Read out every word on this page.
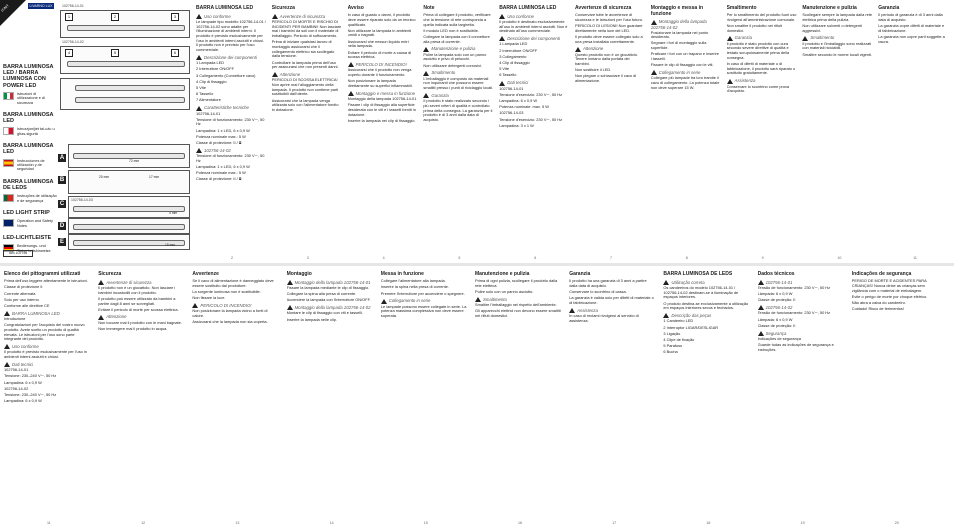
IT/MT	LIVARNO LUX
BARRA LUMINOSA LED / BARRA LUMINOSA CON POWER LED
Istruzioni di utilizzazione e di sicurezza
BARRA LUMINOSA LED
Istruzzjonijiet tal-użu u għas-sigurtà
BARRA LUMINOSA LED
Instrucciones de utilización y de seguridad
BARRA LUMINOSA DE LEDS
Instruções de utilização e de segurança
LED LIGHT STRIP
Operation and Safety Notes
LED-LICHTLEISTE
Bedienungs- und Sicherheitshinweise
IAN 102756
102756-14-01
1	2	3
102756-14-02
4	5	6
A	72 mm
B	20 mm	17 mm
C
102756-14-03
4 mm
D
E	15 mm
BARRA LUMINOSA LED
Uso conforme

Le lampade tipo modello 102756-14-01 / 102756-14-02 sono adatte per l'illuminazione di ambienti interni. Il prodotto è previsto esclusivamente per l'uso in ambienti interni asciutti e chiusi. Il prodotto non è previsto per l'uso commerciale.

Descrizione dei componenti

1 Lampada LED

2 Interruttore ON/OFF

3 Collegamento (Connettore cavo)

4 Clip di fissaggio

5 Vite

6 Tassello

7 Alimentatore

Caratteristiche tecniche

102756-14-01

Tensione di funzionamento: 230 V∼, 50 Hz

Lampadina: 1 x LED, 6 x 0,9 W

Potenza nominale max.: 5 W

Classe di protezione: II / ⧈

102756-14-02

Tensione di funzionamento: 230 V∼, 50 Hz

Lampadina: 1 x LED, 6 x 0,9 W

Potenza nominale max.: 5 W

Classe di protezione: II / ⧈

2
Sicurezza
Avvertenze di sicurezza

PERICOLO DI MORTE E RISCHIO DI INCIDENTI PER BAMBINI! Non lasciare mai i bambini da soli con il materiale di imballaggio. Pericolo di soffocamento.

Prima di iniziare qualsiasi lavoro di montaggio assicurarsi che il collegamento elettrico sia scollegato dalla tensione.

Controllare la lampada prima dell'uso per assicurarsi che non presenti danni.

Attenzione

PERICOLO DI SCOSSA ELETTRICA! Non aprire mai l'alloggiamento della lampada. Il prodotto non contiene parti sostituibili dall'utente.

Assicurarsi che la lampada venga utilizzata solo con l'alimentatore fornito in dotazione.

3
Avviso

In caso di guasto o danni, il prodotto deve essere riparato solo da un tecnico qualificato.

Non utilizzare la lampada in ambienti umidi o bagnati.

Assicurarsi che nessun liquido entri nella lampada.

Evitare il pericolo di morte a causa di scossa elettrica.

PERICOLO DI INCENDIO!

Assicurarsi che il prodotto non venga coperto durante il funzionamento.

Non posizionare la lampada direttamente su superfici infiammabili.

Montaggio e messa in funzione

Montaggio della lampada 102756-14-01

Fissare i clip di fissaggio alla superficie desiderata con le viti e i tasselli forniti in dotazione.

Inserire la lampada nei clip di fissaggio.

4
Note

Prima di collegare il prodotto, verificare che la tensione di rete corrisponda a quella indicata sulla targhetta.

Il modulo LED non è sostituibile.

Collegare la lampada con il connettore alla presa di corrente.

Manutenzione e pulizia

Pulire la lampada solo con un panno asciutto e privo di pelucchi.

Non utilizzare detergenti corrosivi.

Smaltimento

L'imballaggio è composto da materiali non inquinanti che possono essere smaltiti presso i punti di riciclaggio locali.

Garanzia

Il prodotto è stato realizzato secondo i più severi criteri di qualità e controllato prima della consegna. La garanzia per il prodotto è di 3 anni dalla data di acquisto.

5
BARRA LUMINOSA LED
Uso conforme

Il prodotto è destinato esclusivamente all'uso in ambienti interni asciutti. Non è destinato all'uso commerciale.

Descrizione dei componenti

1 Lampada LED

2 Interruttore ON/OFF

3 Collegamento

4 Clip di fissaggio

5 Vite

6 Tassello

Dati tecnici

102756-14-01

Tensione d'esercizio: 230 V∼, 50 Hz

Lampadina: 6 x 0,9 W

Potenza nominale: max. 5 W

102756-14-03

Tensione d'esercizio: 230 V∼, 50 Hz

Lampadina: 3 x 1 W

6
Avvertenze di sicurezza

Conservare tutte le avvertenze di sicurezza e le istruzioni per l'uso futuro.

PERICOLO DI LESIONI! Non guardare direttamente nella luce del LED.

Il prodotto deve essere collegato solo a una presa installata correttamente.

Attenzione

Questo prodotto non è un giocattolo. Tenere lontano dalla portata dei bambini.

Non sostituire il LED.

Non piegare o schiacciare il cavo di alimentazione.

7
Montaggio e messa in funzione
Montaggio della lampada 102756-14-02

Posizionare la lampada nel punto desiderato.

Segnare i fori di montaggio sulla superficie.

Praticare i fori con un trapano e inserire i tasselli.

Fissare le clip di fissaggio con le viti.

Collegamento in serie

Collegare più lampade tra loro tramite il cavo di collegamento. La potenza totale non deve superare 15 W.

8
Smaltimento

Per lo smaltimento del prodotto fuori uso rivolgersi all'amministrazione comunale.

Non smaltire il prodotto nei rifiuti domestici.

Garanzia

Il prodotto è stato prodotto con cura secondo severe direttive di qualità e testato scrupolosamente prima della consegna.

In caso di difetti di materiale o di fabbricazione, il prodotto sarà riparato o sostituito gratuitamente.

Assistenza

Conservare lo scontrino come prova d'acquisto.

9
Manutenzione e pulizia

Scollegare sempre la lampada dalla rete elettrica prima della pulizia.

Non utilizzare solventi o detergenti aggressivi.

Smaltimento

Il prodotto e l'imballaggio sono realizzati con materiali riciclabili.

Smaltire secondo le norme locali vigenti.

10
Garanzia

Il periodo di garanzia è di 3 anni dalla data di acquisto.

La garanzia copre difetti di materiale e di fabbricazione.

La garanzia non copre parti soggette a usura.

11
Elenco dei pittogrammi utilizzati

Prima dell'uso leggere attentamente le istruzioni.

Classe di protezione II

Corrente alternata

Solo per uso interno

Conforme alle direttive CE

BARRA LUMINOSA LED

Introduzione

Congratulazioni per l'acquisto del vostro nuovo prodotto. Avete scelto un prodotto di qualità elevata. Le istruzioni per l'uso sono parte integrante del prodotto.

Uso conforme

Il prodotto è previsto esclusivamente per l'uso in ambienti interni asciutti e chiusi.

Dati tecnici

102756-14-01

Tensione: 230–240 V∼, 50 Hz

Lampadina: 6 x 0,9 W

102756-14-02

Tensione: 230–240 V∼, 50 Hz

Lampadina: 6 x 0,9 W

11
Sicurezza
Avvertenze di sicurezza

Il prodotto non è un giocattolo. Non lasciare i bambini incustoditi con il prodotto.

Il prodotto può essere utilizzato da bambini a partire dagli 8 anni se sorvegliati.

Evitare il pericolo di morte per scossa elettrica.

Attenzione

Non toccare mai il prodotto con le mani bagnate.

Non immergere mai il prodotto in acqua.

12
Avvertenze

Se il cavo di alimentazione è danneggiato deve essere sostituito dal produttore.

La sorgente luminosa non è sostituibile.

Non fissare la luce.

PERICOLO DI INCENDIO!

Non posizionare la lampada vicino a fonti di calore.

Assicurarsi che la lampada non sia coperta.

13
Montaggio
Montaggio della lampada 102756-14-01

Fissare la lampada mediante le clip di fissaggio.

Collegare la spina alla presa di corrente.

Accendere la lampada con l'interruttore ON/OFF.

Montaggio della lampada 102756-14-02

Montare le clip di fissaggio con viti e tasselli.

Inserire la lampada nelle clip.

14
Messa in funzione

Collegare l'alimentatore alla lampada.

Inserire la spina nella presa di corrente.

Premere l'interruttore per accendere o spegnere.

Collegamento in serie

Le lampade possono essere collegate in serie. La potenza massima complessiva non deve essere superata.

15
Manutenzione e pulizia

Prima di ogni pulizia, scollegare il prodotto dalla rete elettrica.

Pulire solo con un panno asciutto.

Smaltimento

Smaltire l'imballaggio nel rispetto dell'ambiente.

Gli apparecchi elettrici non devono essere smaltiti nei rifiuti domestici.

16
Garanzia

Il prodotto ha una garanzia di 3 anni a partire dalla data di acquisto.

Conservare lo scontrino di cassa.

La garanzia è valida solo per difetti di materiale o di fabbricazione.

Assistenza

In caso di reclami rivolgersi al servizio di assistenza.

17
BARRA LUMINOSA DE LEDS
Utilização correta

Os candeeiros do modelo 102756-14-01 / 102756-14-02 destinam-se à iluminação de espaços interiores.

O produto destina-se exclusivamente a utilização em espaços interiores secos e fechados.

Descrição das peças

1 Candeeiro LED

2 Interruptor LIGAR/DESLIGAR

3 Ligação

4 Clipe de fixação

5 Parafuso

6 Bucha

18
Dados técnicos
102756-14-01

Tensão de funcionamento: 230 V∼, 50 Hz

Lâmpada: 6 x 0,9 W

Classe de proteção: II

102756-14-02

Tensão de funcionamento: 230 V∼, 50 Hz

Lâmpada: 6 x 0,9 W

Classe de proteção: II

Segurança

Indicações de segurança

Guarde todas as indicações de segurança e instruções.

19
Indicações de segurança

PERIGO DE MORTE E ACIDENTES PARA CRIANÇAS! Nunca deixe as crianças sem vigilância com o material de embalagem.

Evite o perigo de morte por choque elétrico.

Não abra a caixa do candeeiro.

Cuidado! Risco de ferimentos!

20
